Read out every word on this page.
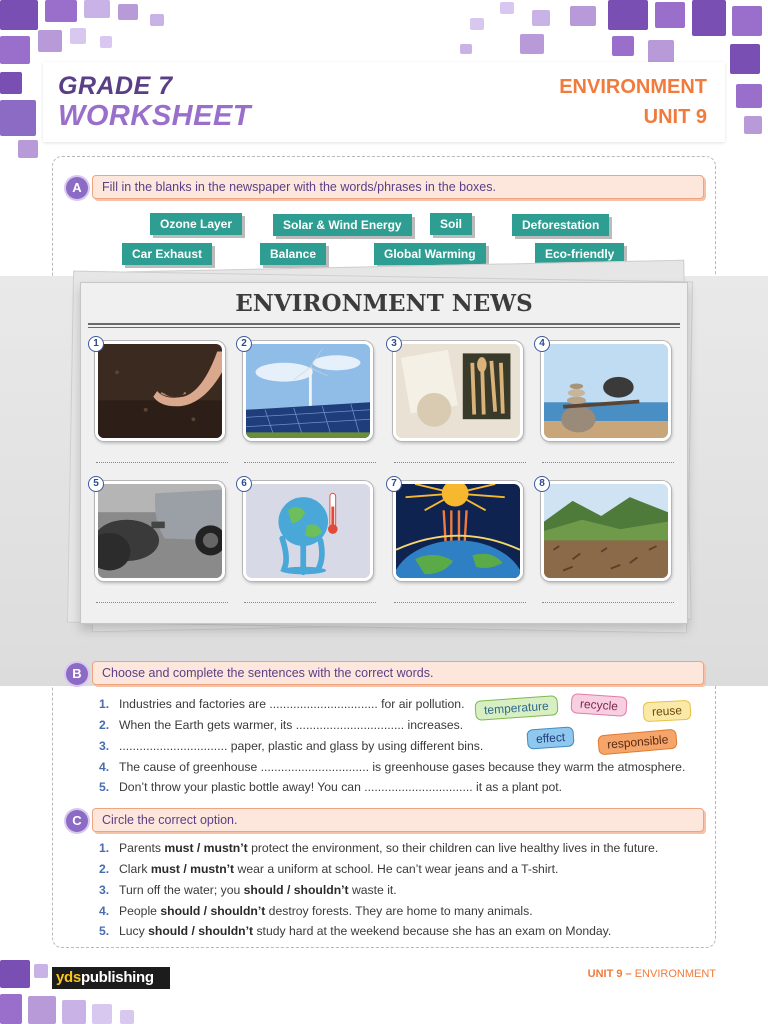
GRADE 7
WORKSHEET
ENVIRONMENT
UNIT 9
Fill in the blanks in the newspaper with the words/phrases in the boxes.
A
Ozone Layer	Solar & Wind Energy	Soil	Deforestation
Car Exhaust	Balance	Global Warming	Eco-friendly
ENVIRONMENT NEWS
1	2	3	4
5	6	7	8
Choose and complete the sentences with the correct words.
B
1. Industries and factories are ................................ for air pollution.
2. When the Earth gets warmer, its ................................ increases.
3. ................................ paper, plastic and glass by using different bins.
4. The cause of greenhouse ................................ is greenhouse gases because they warm the atmosphere.
5. Don’t throw your plastic bottle away! You can ................................ it as a plant pot.
temperature	recycle	reuse
effect	responsible
Circle the correct option.
C
1. Parents must / mustn’t protect the environment, so their children can live healthy lives in the future.
2. Clark must / mustn’t wear a uniform at school. He can’t wear jeans and a T-shirt.
3. Turn off the water; you should / shouldn’t waste it.
4. People should / shouldn’t destroy forests. They are home to many animals.
5. Lucy should / shouldn’t study hard at the weekend because she has an exam on Monday.
ydspublishing	UNIT 9 – ENVIRONMENT
